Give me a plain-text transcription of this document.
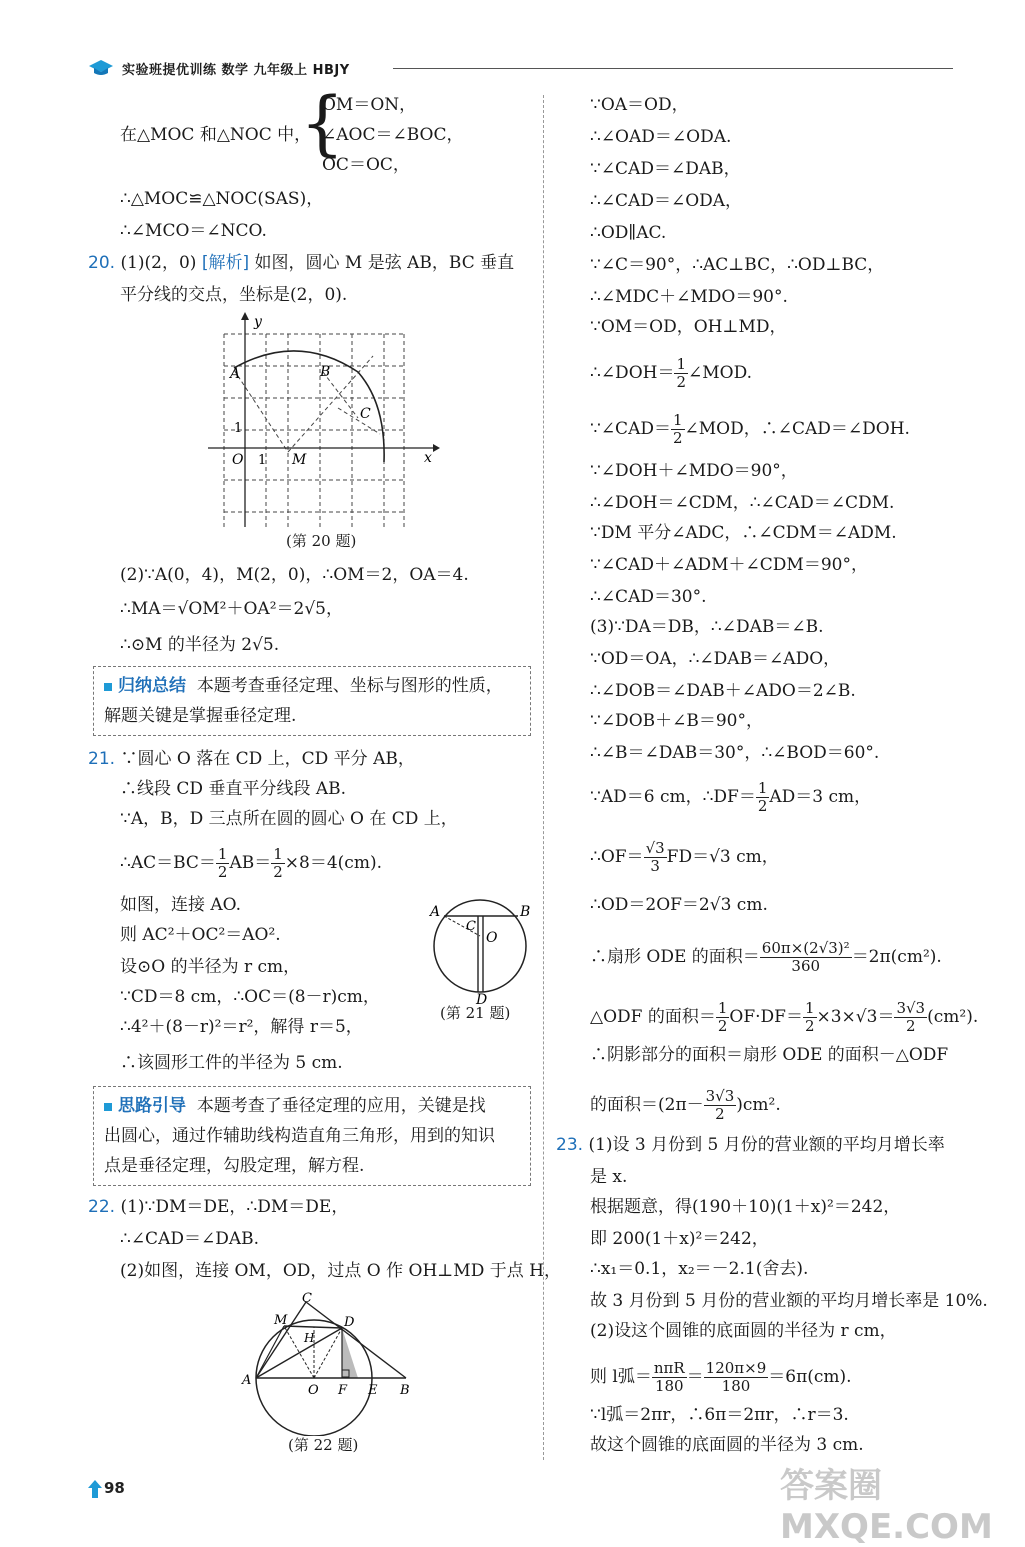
实验班提优训练 数学 九年级上 HBJY
在△MOC 和△NOC 中，
{
OM＝ON，
∠AOC＝∠BOC，
OC＝OC，
∴△MOC≌△NOC(SAS)，
∴∠MCO＝∠NCO.
20. (1)(2，0) [解析] 如图，圆心 M 是弦 AB，BC 垂直
平分线的交点，坐标是(2，0).
y
x
A	B
C
O 1
1
M
(第 20 题)
(2)∵A(0，4)，M(2，0)，∴OM＝2，OA＝4.
∴MA＝√OM²＋OA²＝2√5，
∴⊙M 的半径为 2√5.
归纳总结 本题考查垂径定理、坐标与图形的性质，
解题关键是掌握垂径定理.
21. ∵圆心 O 落在 CD 上，CD 平分 AB，
∴线段 CD 垂直平分线段 AB.
∵A，B，D 三点所在圆的圆心 O 在 CD 上，
∴AC＝BC＝ $\frac{1}{2} AB= \frac{1}{2} \times 8=4(cm)$.
如图，连接 AO.
则 AC²＋OC²＝AO².
设⊙O 的半径为 r cm，
∵CD＝8 cm，∴OC＝(8－r)cm，
∴4²＋(8－r)²＝r²，解得 r＝5，
∴该圆形工件的半径为 5 cm.
A	B
C
O
D
(第 21 题)
思路引导 本题考查了垂径定理的应用，关键是找
出圆心，通过作辅助线构造直角三角形，用到的知识
点是垂径定理，勾股定理，解方程.
22. (1)∵DM＝DE，∴DM＝DE，
∴∠CAD＝∠DAB.
(2)如图，连接 OM，OD，过点 O 作 OH⊥MD 于点 H，
C
M
H
D
A
O F E B
(第 22 题)
∵OA＝OD，
∴∠OAD＝∠ODA.
∵∠CAD＝∠DAB，
∴∠CAD＝∠ODA，
∴OD∥AC.
∵∠C＝90°，∴AC⊥BC，∴OD⊥BC，
∴∠MDC＋∠MDO＝90°.
∵OM＝OD，OH⊥MD，
∴∠DOH＝ $\frac{1}{2}$ ∠MOD.
∵∠CAD＝ $\frac{1}{2}$ ∠MOD，∴∠CAD＝∠DOH.
∵∠DOH＋∠MDO＝90°，
∴∠DOH＝∠CDM，∴∠CAD＝∠CDM.
∵DM 平分∠ADC，∴∠CDM＝∠ADM.
∵∠CAD＋∠ADM＋∠CDM＝90°，
∴∠CAD＝30°.
(3)∵DA＝DB，∴∠DAB＝∠B.
∵OD＝OA，∴∠DAB＝∠ADO，
∴∠DOB＝∠DAB＋∠ADO＝2∠B.
∵∠DOB＋∠B＝90°，
∴∠B＝∠DAB＝30°，∴∠BOD＝60°.
∵AD＝6 cm，∴DF＝ $\frac{1}{2} AD=3$ cm，
∴OF＝ $\frac{√3}{3} FD=√3$ cm，
∴OD＝2OF＝2√3 cm.
∴扇形 ODE 的面积＝ $\frac{\text{60π×(2√3)²}}{360} =2\pi(cm^2)$.
△ODF 的面积＝ $\frac{1}{2} OF\cdot DF= \frac{1}{2} \times 3\times√3= \frac{3√3}{2} (cm^2)$.
∴阴影部分的面积＝扇形 ODE 的面积－△ODF
的面积$=(2\pi- \frac{3√3}{2} )cm^2$.
23. (1)设 3 月份到 5 月份的营业额的平均月增长率
是 x.
根据题意，得(190＋10)(1＋x)²＝242，
即 200(1＋x)²＝242，
∴x₁＝0.1，x₂＝－2.1(舍去).
故 3 月份到 5 月份的营业额的平均月增长率是 10%.
(2)设这个圆锥的底面圆的半径为 r cm，
则 l弧＝ $\frac{\text{nπR}}{180} = \frac{120\pi\times 9}{180} =6\pi(cm)$.
∵l弧＝2πr，∴6π＝2πr，∴r＝3.
故这个圆锥的底面圆的半径为 3 cm.
98	答案圈 MXQE.COM
